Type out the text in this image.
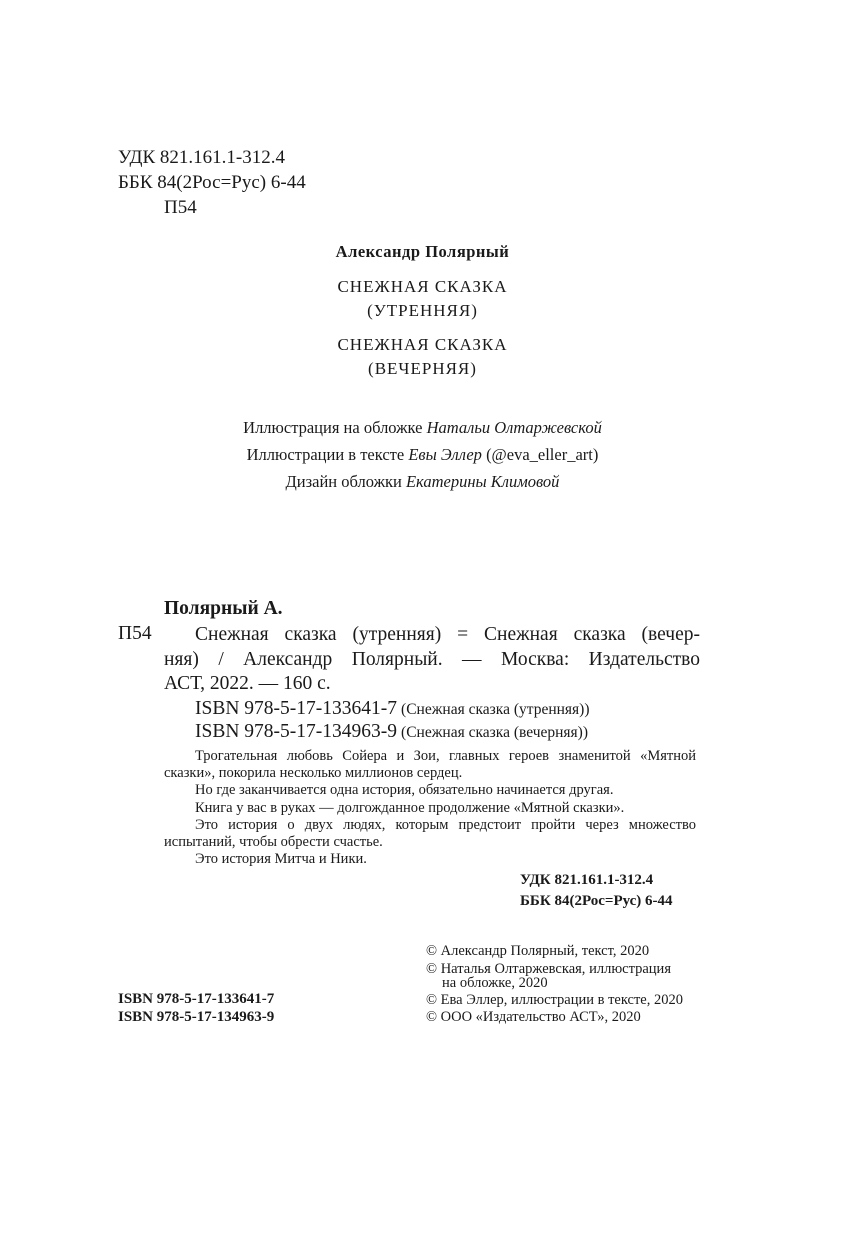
УДК 821.161.1-312.4
ББК 84(2Рос=Рус) 6-44
П54
Александр Полярный
СНЕЖНАЯ СКАЗКА
(УТРЕННЯЯ)
СНЕЖНАЯ СКАЗКА
(ВЕЧЕРНЯЯ)
Иллюстрация на обложке Натальи Олтаржевской
Иллюстрации в тексте Евы Эллер (@eva_eller_art)
Дизайн обложки Екатерины Климовой
Полярный А.
П54	Снежная сказка (утренняя) = Снежная сказка (вечер-
няя) / Александр Полярный. — Москва: Издательство
АСТ, 2022. — 160 с.
ISBN 978-5-17-133641-7 (Снежная сказка (утренняя))
ISBN 978-5-17-134963-9 (Снежная сказка (вечерняя))
Трогательная любовь Сойера и Зои, главных героев знаменитой «Мятной сказки», покорила несколько миллионов сердец.
Но где заканчивается одна история, обязательно начинается другая.
Книга у вас в руках — долгожданное продолжение «Мятной сказки».
Это история о двух людях, которым предстоит пройти через множество испытаний, чтобы обрести счастье.
Это история Митча и Ники.
УДК 821.161.1-312.4
ББК 84(2Рос=Рус) 6-44
© Александр Полярный, текст, 2020
© Наталья Олтаржевская, иллюстрация
на обложке, 2020
© Ева Эллер, иллюстрации в тексте, 2020
© ООО «Издательство АСТ», 2020
ISBN 978-5-17-133641-7
ISBN 978-5-17-134963-9
